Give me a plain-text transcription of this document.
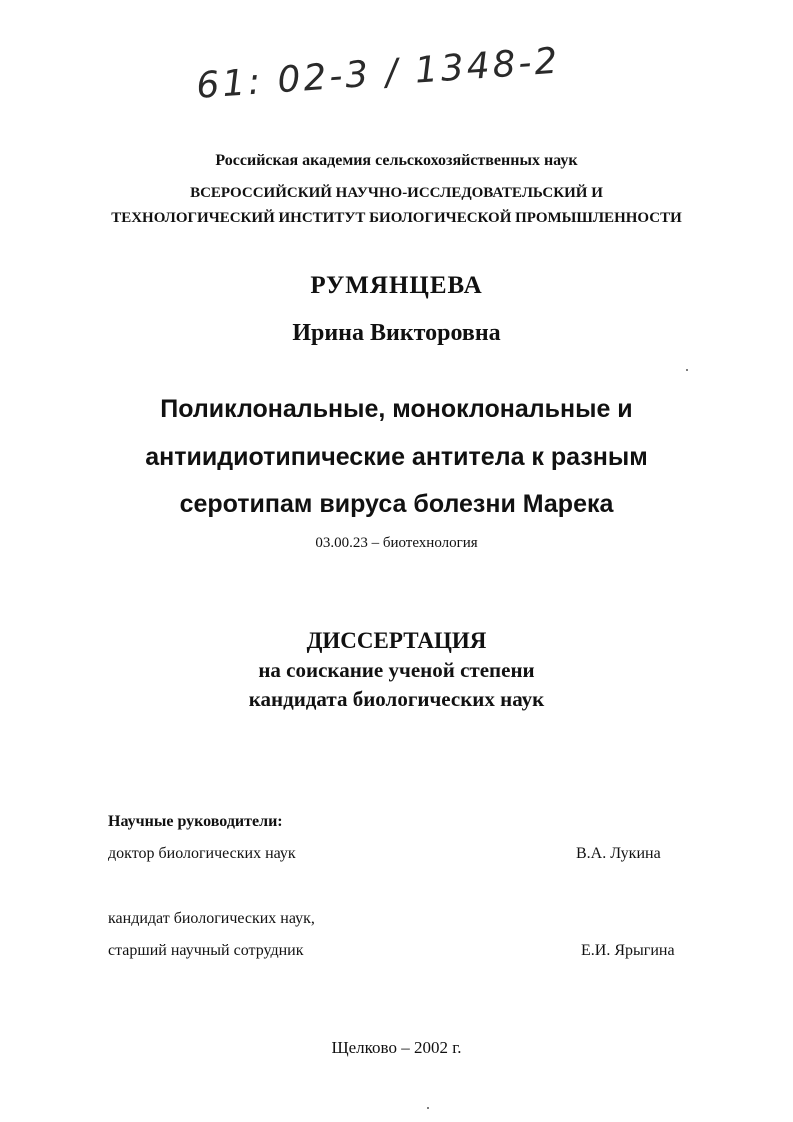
61: 02-3 / 1348-2
Российская академия сельскохозяйственных наук
ВСЕРОССИЙСКИЙ НАУЧНО-ИССЛЕДОВАТЕЛЬСКИЙ И
ТЕХНОЛОГИЧЕСКИЙ ИНСТИТУТ БИОЛОГИЧЕСКОЙ ПРОМЫШЛЕННОСТИ
РУМЯНЦЕВА
Ирина Викторовна
Поликлональные, моноклональные и
антиидиотипические антитела к разным
серотипам вируса болезни Марека
03.00.23 – биотехнология
ДИССЕРТАЦИЯ
на соискание ученой степени
кандидата биологических наук
Научные руководители:
доктор биологических наук	В.А. Лукина
кандидат биологических наук,
старший научный сотрудник	Е.И. Ярыгина
Щелково – 2002 г.
